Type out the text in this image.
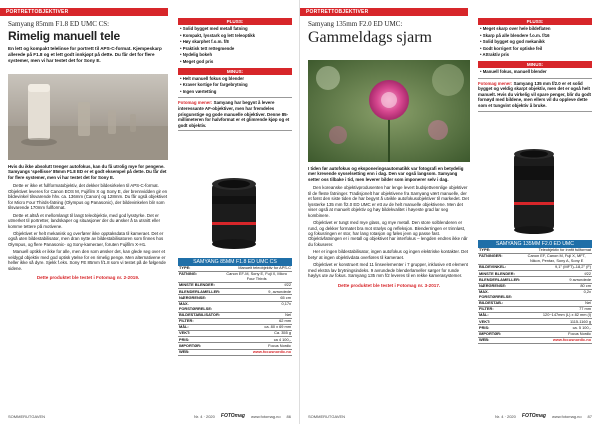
PORTRETTOBJEKTIVER
Samyang 85mm F1.8 ED UMC CS:
Rimelig manuell tele
En lett og kompakt telelinse for portrett til APS-C-format. Kjempeskarp allerede på F1.8 og et lett godt innkjøpt på dette. Du får det for flere systemer, men vi har testet det for Sony E.

Hvis du ikke absolutt trenger autofokus, kan du få utrolig mye for pengene. Samyangs 'spellisse' 85mm F1.8 ED er et godt eksempel på dette. Du får det for flere systemer, men vi har testet det for Sony E.

Dette er ikke et fullformatobjektiv, det dekker bildesirkelen til APS-C-format. Objektivet leveres for Canon EOS M, Fujifilm X og Sony E, der brennvidden gir en bildevinkel tilsvarende hhv. ca. 136mm (Canon) og 128mm. Du får også objektivet for Micro Four Thirds-fatning (Olympus og Panasonic), der bildevinkelen blir som tilsvarende 170mm fullformat.

Dette et altså et mellomlangt til langt teleobjektiv, med god lysstyrke. Det er utmerket til portretter, landskaper og situasjoner der du ønsker å ta utsnitt eller komme tettere på motivene.

Objektivet er helt mekanisk og overfører ikke opptaksdata til kameraet. Det er også uten bildestabilisator, men dran nytte av bildestabilisatoren som finnes hos Olympus, og flere Panasonic- og Sony-kameraer, foruten Fujifilm X-H1.

Manuell optikk er ikke for alle, men den som ønsker det, kan glede seg over et veldygd objektiv med god optisk ytelse for en rimelig penge. Men alternativene er heller ikke så dyre. Sjekk f.eks. Sony FE 85mm f/1.8 som vi testet på de følgende sidene.

Dette produktet ble testet i Fotomag nr. 2-2019.

PLUSS:
• Solid bygget med metall fatning
• Kompakt, lysstark og lett teleoptikk
• Høy skarphet f.o.m. f/8
• Praktisk tett rettegmende
• Nydelig bokeh
• Meget god pris
MINUS:
• Helt manuell fokus og blender
• Kraver kortige for fargebrytning
• Ingen værtetting
Fotomag mener: Samyang har begynt å levere interessante AF-objektiver, men har fremdeles prisgunstige og gode manuelle objektiver. Denne 85-millimeteren for halvformat er et glimrende kjøp og et godt objektiv.
SAMYANG 85MM F1.8 ED UMC CS
TYPE:	Manuelt teleobjektiv for APS-C
FATNING:	Canon EF-M, Sony E, Fuji X, Micro Four Thirds
MINSTE BLENDER:	f/22
BLENDERLAMELLER:	9, avrundede
NÆRGRENSE:	65 cm
MAX. FORSTØRRELSE:	0,17x
BILDESTABILISATOR:	Nei
FILTER:	62 mm
MÅL:	ca. 80 x 69 mm
VEKT:	Ca. 355 g
PRIS:	ca 4 100,-
IMPORTØR:	Focus Nordic
WEB:	www.focusnordic.no
SOMMERUTGAVEN	Nr. 4 · 2020 FOTOmag www.fotomag.no 86
PORTRETTOBJEKTIVER
Samyang 135mm F2.0 ED UMC:
Gammeldags sjarm

I tiden før autofokus og eksponeringsautomatikk var fotografi en betydelig mer krevende sysselsetting enn i dag. Den var også langsom. Samyang setter oss tilbake i tid, men leverer bilder som imponerer selv i dag.

Den koreanske objektivprodusenten har lenge levert budsjettvennlige objektiver til de fleste fatninger. Tradisjonelt har objektivene fra Samyang vært manuelle, der et først den siste tiden de har begynt å utvikle autofokusobjektiver til markedet. Det lyssterke 135 mm f/2.0 ED UMC er ett av de helt manuelle objektivene. Men det viser også at manuelt objektiv og høy bildekvalitet i høyeste grad lar seg kombinere.

Objektivet er tungt med mye glass, og mye metall. Den store solblenderen er rund, og dekker formatet bra mot strølys og refleksjon. Blenderringen er trinnløst, og fokusringen er stor, har lang rotasjon og føles jevn og passe fast. Objektivfatningen er i metall og objektivet har interfokus – lengden endres ikke når du fokuserer.

Her er ingen bildestabilisator, ingen autofokus og ingen elektriske kontakter. Det betyr at ingen objektivdata overføres til kameraet.

Objektivet er konstruert med 11 linseelementer i 7 grupper, inklusive ett element med ekstra lav brytningsindeks. 9 avrundede blenderlameller sørger for runde høylys ute av fokus. Samyang 135 mm f/2 leveres til en rekke kamerasystemer.

Dette produktet ble testet i Fotomag nr. 3-2017.

PLUSS:
• Meget skarp over hele bildeflaten
• Skarp på alle blendere f.o.m. f/16
• Solid bygget og god mekanikk
• Godt korrigert for optiske feil
• Attraktiv pris
MINUS:
• Manuell fokus, manuell blender
Fotomag mener: Samyang 135 mm f/2.0 er et solid bygget og veldig skarpt objektiv, men det er også helt manuelt. Hvis du virkelig vil spare penger, blir du godt fornøyd med bildene, men ellers vil du oppleve dette som et tungvint objektiv å bruke.
SAMYANG 135MM F2.0 ED UMC
TYPE:	Teleobjektiv for innfit fullformat
FATNINGER:	Canon EF, Canon M, Fuji X, MFT, Nikon, Pentax, Sony A, Sony E
BILDEVINKEL:	9,1° (MFT)–18,2° (F)
MINSTE BLENDER:	f/22
BLENDERLAMELLER:	9 avrundede
NÆRGRENSE:	80 cm
MAX. FORSTØRRELSE:	0,2x
BILDESTAB.:	Nei
FILTER:	77 mm
MÅL:	120~147mm (L) x 82 mm (l)
VEKT:	1115-1160 g
PRIS:	ca. 5 100,-
IMPORTØR:	Focus Nordic
WEB:	www.focusnordic.no
SOMMERUTGAVEN	Nr. 4 · 2020 FOTOmag www.fotomag.no 87
